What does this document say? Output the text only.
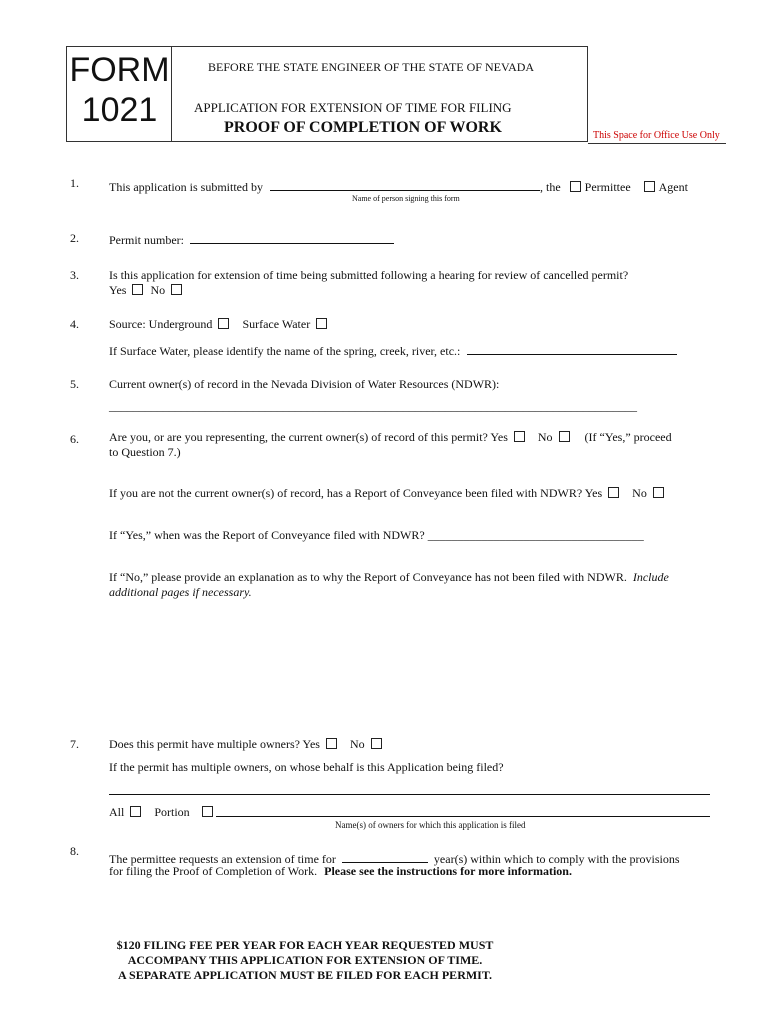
FORM
1021
BEFORE THE STATE ENGINEER OF THE STATE OF NEVADA
APPLICATION FOR EXTENSION OF TIME FOR FILING
PROOF OF COMPLETION OF WORK	This Space for Office Use Only
1.	This application is submitted by	, the Permittee Agent
Name of person signing this form
2.	Permit number:
3.	Is this application for extension of time being submitted following a hearing for review of cancelled permit?
Yes No
4.	Source: Underground	Surface Water
If Surface Water, please identify the name of the spring, creek, river, etc.:
5.	Current owner(s) of record in the Nevada Division of Water Resources (NDWR):
________________________________________________________________________________________
6.	Are you, or are you representing, the current owner(s) of record of this permit? Yes	No	(If “Yes,” proceed
to Question 7.)
If you are not the current owner(s) of record, has a Report of Conveyance been filed with NDWR? Yes	No
If “Yes,” when was the Report of Conveyance filed with NDWR? ____________________________________
If “No,” please provide an explanation as to why the Report of Conveyance has not been filed with NDWR. Include
additional pages if necessary.
7.	Does this permit have multiple owners? Yes	No
If the permit has multiple owners, on whose behalf is this Application being filed?
All	Portion
Name(s) of owners for which this application is filed
8.
The permittee requests an extension of time for	year(s) within which to comply with the provisions
for filing the Proof of Completion of Work. Please see the instructions for more information.
$120 FILING FEE PER YEAR FOR EACH YEAR REQUESTED MUST
ACCOMPANY THIS APPLICATION FOR EXTENSION OF TIME.
A SEPARATE APPLICATION MUST BE FILED FOR EACH PERMIT.
